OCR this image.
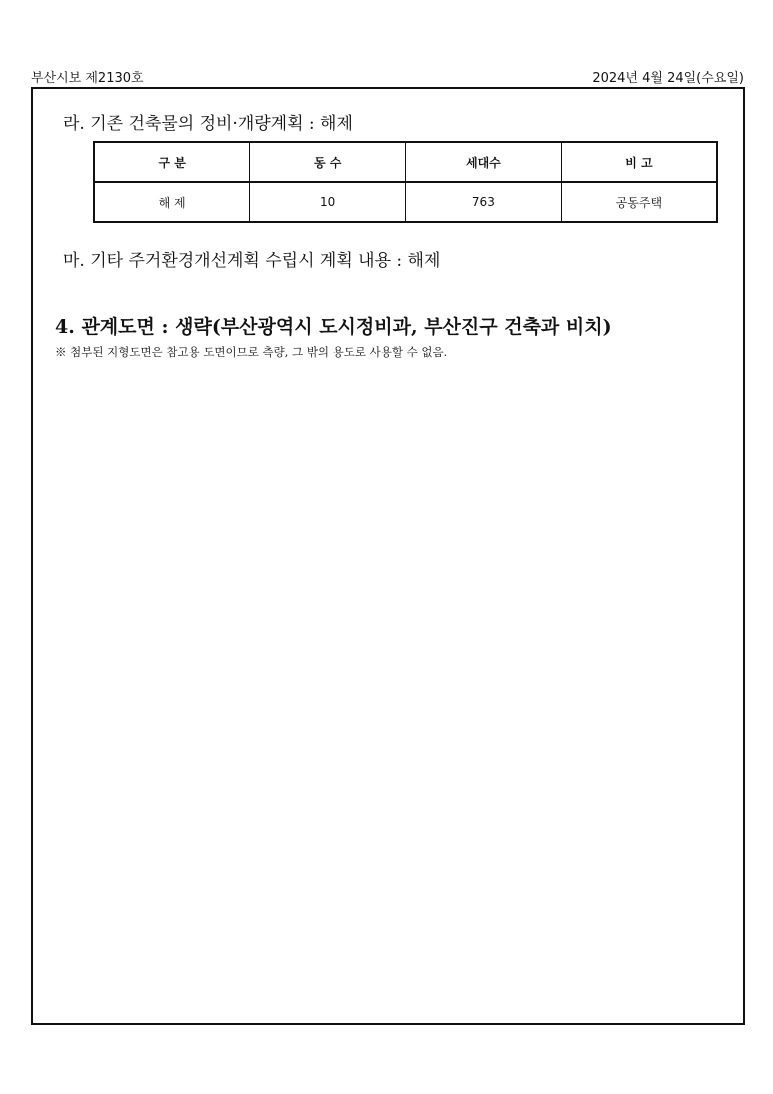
부산시보 제2130호	2024년 4월 24일(수요일)
라. 기존 건축물의 정비·개량계획 : 해제
구 분	동 수	세대수	비 고
해 제	10	763	공동주택
마. 기타 주거환경개선계획 수립시 계획 내용 : 해제
4. 관계도면 : 생략(부산광역시 도시정비과, 부산진구 건축과 비치)
※ 첨부된 지형도면은 참고용 도면이므로 측량, 그 밖의 용도로 사용할 수 없음.
